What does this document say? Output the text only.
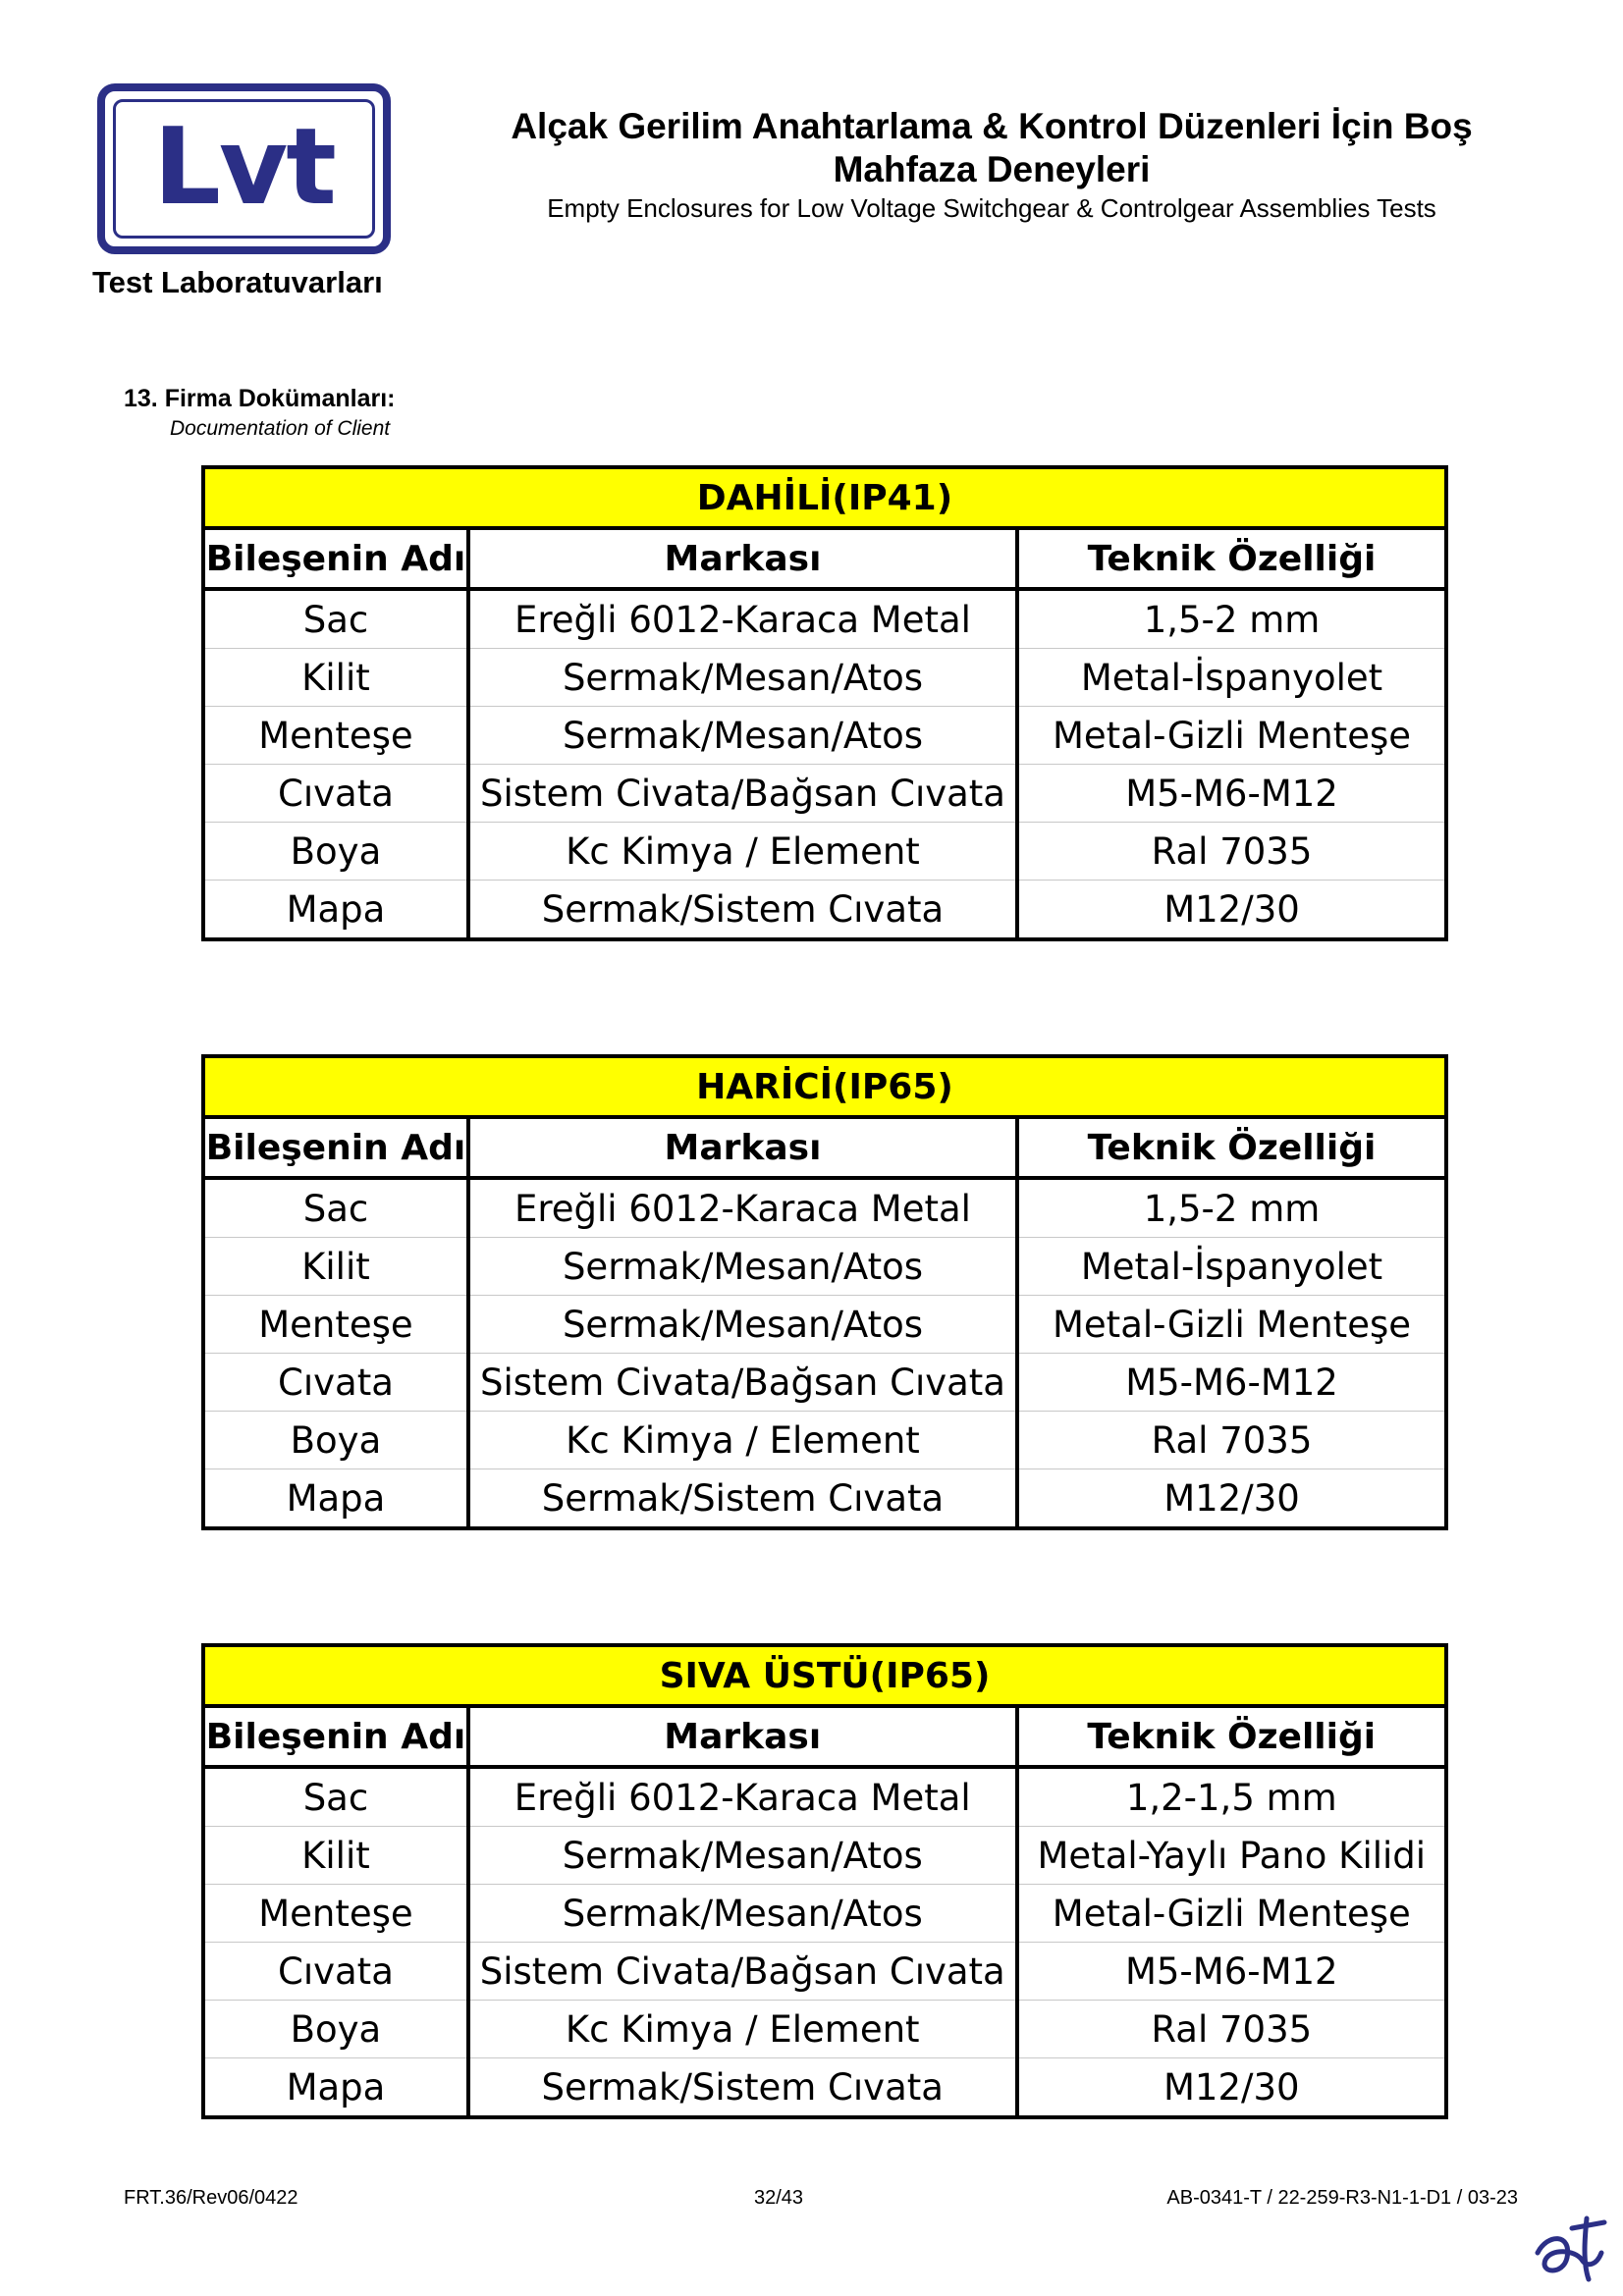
Lvt
Test Laboratuvarları
Alçak Gerilim Anahtarlama & Kontrol Düzenleri İçin Boş
Mahfaza Deneyleri
Empty Enclosures for Low Voltage Switchgear & Controlgear Assemblies Tests
13. Firma Dokümanları:
Documentation of Client
DAHİLİ(IP41)		
Bileşenin Adı	Markası	Teknik Özelliği
Sac	Ereğli 6012-Karaca Metal	1,5-2 mm
Kilit	Sermak/Mesan/Atos	Metal-İspanyolet
Menteşe	Sermak/Mesan/Atos	Metal-Gizli Menteşe
Cıvata	Sistem Civata/Bağsan Cıvata	M5-M6-M12
Boya	Kc Kimya / Element	Ral 7035
Mapa	Sermak/Sistem Cıvata	M12/30
HARİCİ(IP65)		
Bileşenin Adı	Markası	Teknik Özelliği
Sac	Ereğli 6012-Karaca Metal	1,5-2 mm
Kilit	Sermak/Mesan/Atos	Metal-İspanyolet
Menteşe	Sermak/Mesan/Atos	Metal-Gizli Menteşe
Cıvata	Sistem Civata/Bağsan Cıvata	M5-M6-M12
Boya	Kc Kimya / Element	Ral 7035
Mapa	Sermak/Sistem Cıvata	M12/30
SIVA ÜSTÜ(IP65)		
Bileşenin Adı	Markası	Teknik Özelliği
Sac	Ereğli 6012-Karaca Metal	1,2-1,5 mm
Kilit	Sermak/Mesan/Atos	Metal-Yaylı Pano Kilidi
Menteşe	Sermak/Mesan/Atos	Metal-Gizli Menteşe
Cıvata	Sistem Civata/Bağsan Cıvata	M5-M6-M12
Boya	Kc Kimya / Element	Ral 7035
Mapa	Sermak/Sistem Cıvata	M12/30
FRT.36/Rev06/0422	32/43	AB-0341-T / 22-259-R3-N1-1-D1 / 03-23
